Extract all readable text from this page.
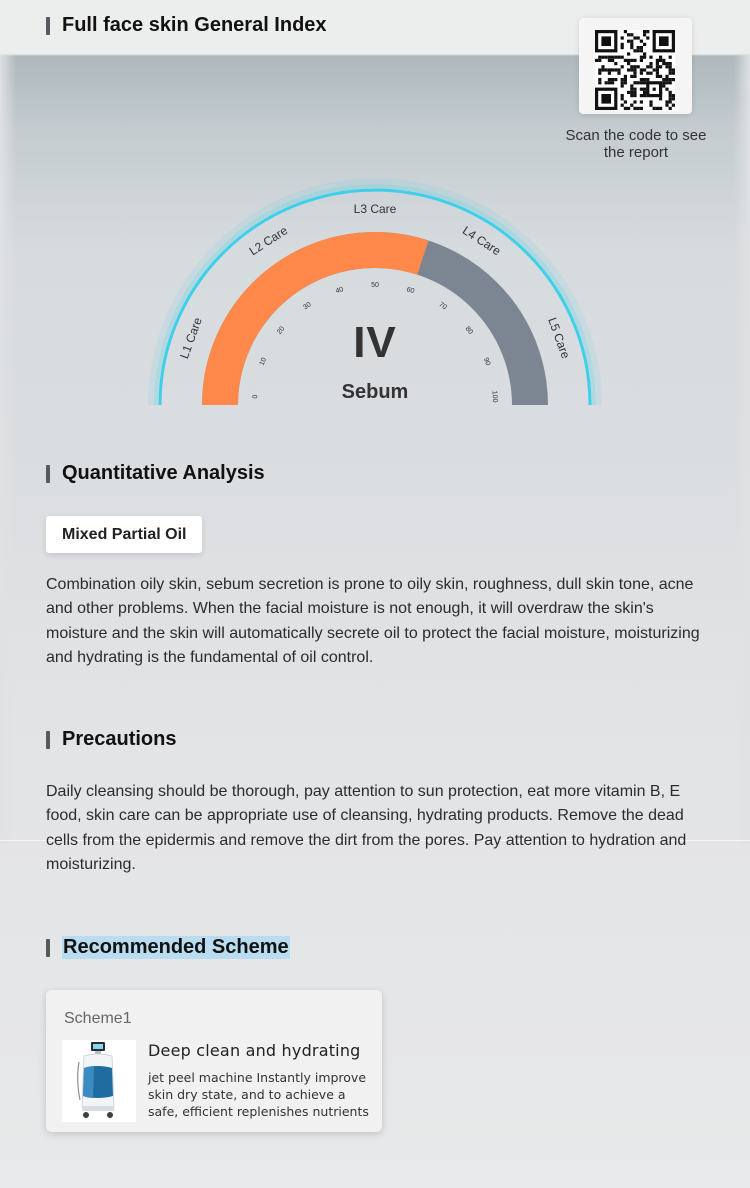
Full face skin General Index
Scan the code to see the report
0
10
20
30
40
50
60
70
80
90
100
L1 Care
L2 Care
L3 Care
L4 Care
L5 Care
IV
Sebum
Quantitative Analysis
Mixed Partial Oil
Combination oily skin, sebum secretion is prone to oily skin, roughness, dull skin tone, acne and other problems. When the facial moisture is not enough, it will overdraw the skin's moisture and the skin will automatically secrete oil to protect the facial moisture, moisturizing and hydrating is the fundamental of oil control.
Precautions
Daily cleansing should be thorough, pay attention to sun protection, eat more vitamin B, E food, skin care can be appropriate use of cleansing, hydrating products. Remove the dead cells from the epidermis and remove the dirt from the pores. Pay attention to hydration and moisturizing.
Recommended Scheme
Scheme1
Deep clean and hydrating
jet peel machine Instantly improve skin dry state, and to achieve a safe, efficient replenishes nutrients
